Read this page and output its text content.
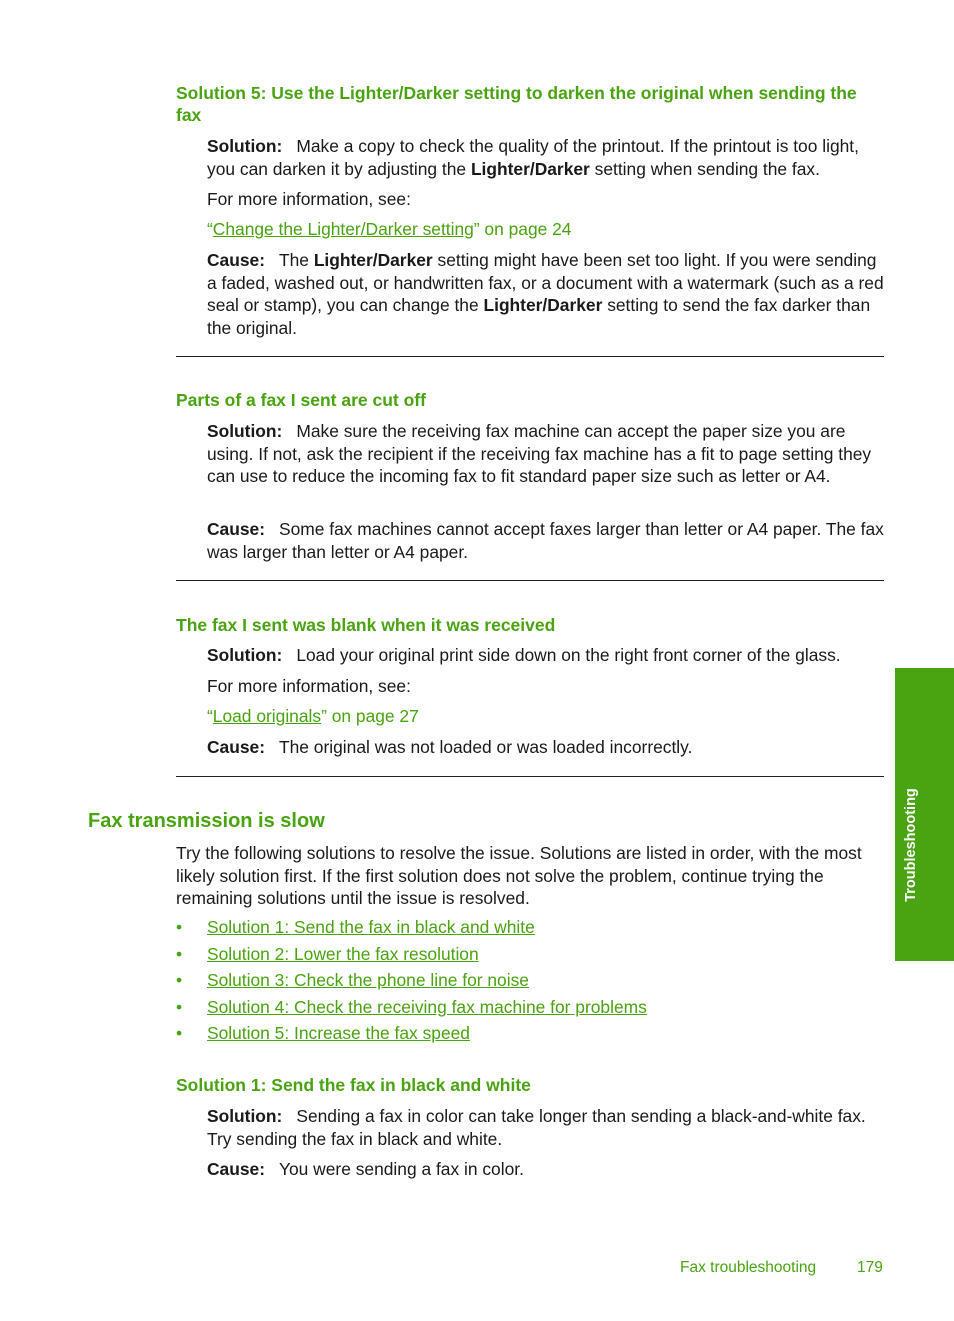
Solution 5: Use the Lighter/Darker setting to darken the original when sending the fax

Solution: Make a copy to check the quality of the printout. If the printout is too light, you can darken it by adjusting the Lighter/Darker setting when sending the fax.

For more information, see:

“Change the Lighter/Darker setting” on page 24

Cause: The Lighter/Darker setting might have been set too light. If you were sending a faded, washed out, or handwritten fax, or a document with a watermark (such as a red seal or stamp), you can change the Lighter/Darker setting to send the fax darker than the original.

Parts of a fax I sent are cut off

Solution: Make sure the receiving fax machine can accept the paper size you are using. If not, ask the recipient if the receiving fax machine has a fit to page setting they can use to reduce the incoming fax to fit standard paper size such as letter or A4.

Cause: Some fax machines cannot accept faxes larger than letter or A4 paper. The fax was larger than letter or A4 paper.

The fax I sent was blank when it was received

Solution: Load your original print side down on the right front corner of the glass.

For more information, see:

“Load originals” on page 27

Cause: The original was not loaded or was loaded incorrectly.

Fax transmission is slow

Try the following solutions to resolve the issue. Solutions are listed in order, with the most likely solution first. If the first solution does not solve the problem, continue trying the remaining solutions until the issue is resolved.

• Solution 1: Send the fax in black and white
• Solution 2: Lower the fax resolution
• Solution 3: Check the phone line for noise
• Solution 4: Check the receiving fax machine for problems
• Solution 5: Increase the fax speed
Solution 1: Send the fax in black and white

Solution: Sending a fax in color can take longer than sending a black-and-white fax. Try sending the fax in black and white.

Cause: You were sending a fax in color.

Troubleshooting
Fax troubleshooting	179
